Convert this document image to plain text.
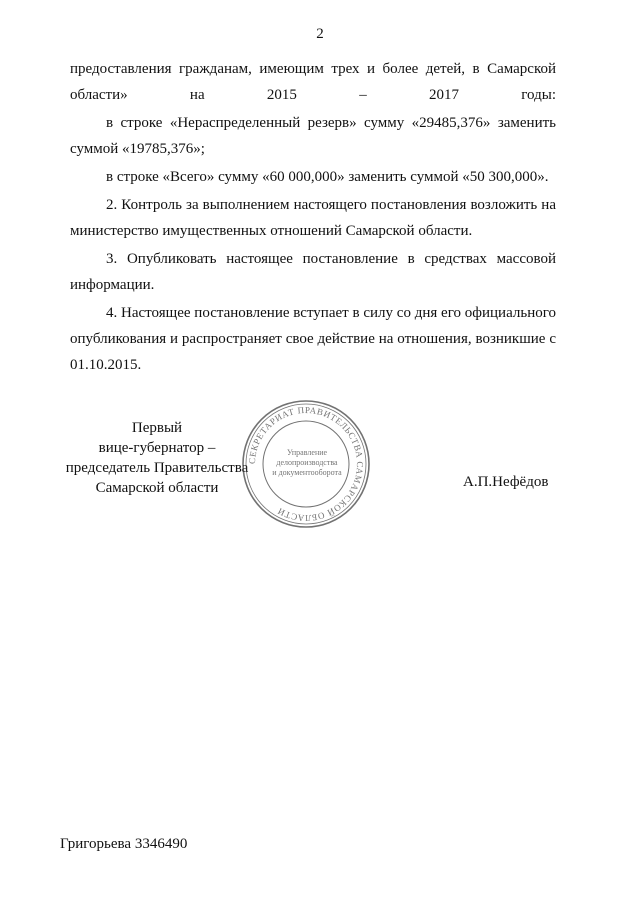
2

предоставления гражданам, имеющим трех и более детей, в Самарской области» на 2015 – 2017 годы:

в строке «Нераспределенный резерв» сумму «29485,376» заменить суммой «19785,376»;

в строке «Всего» сумму «60 000,000» заменить суммой «50 300,000».

2. Контроль за выполнением настоящего постановления возложить на министерство имущественных отношений Самарской области.

3. Опубликовать настоящее постановление в средствах массовой информации.

4. Настоящее постановление вступает в силу со дня его официального опубликования и распространяет свое действие на отношения, возникшие с 01.10.2015.

Первый
вице-губернатор –
председатель Правительства
Самарской области
СЕКРЕТАРИАТ ПРАВИТЕЛЬСТВА САМАРСКОЙ ОБЛАСТИ
Управление
делопроизводства
и документооборота
А.П.Нефёдов
Григорьева 3346490
